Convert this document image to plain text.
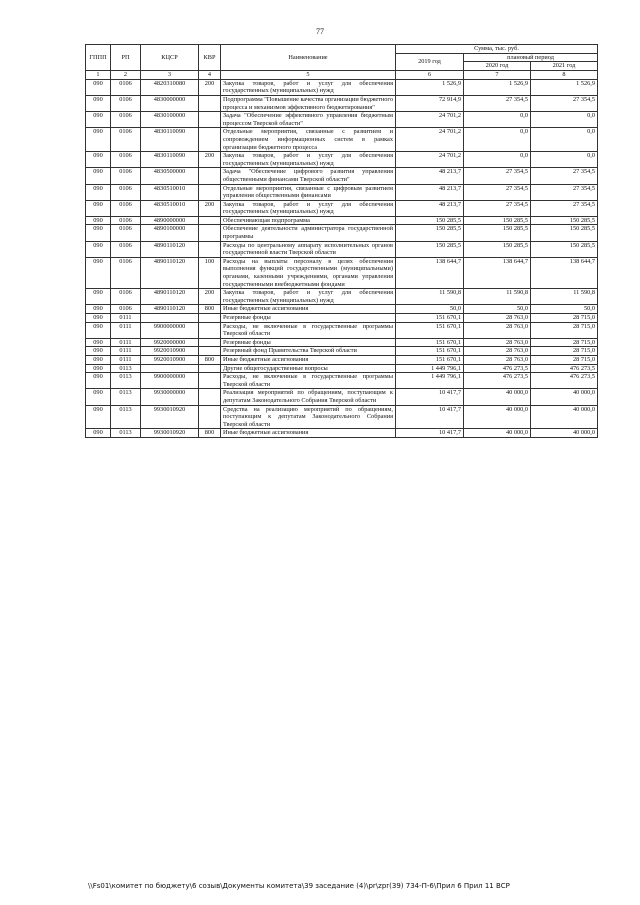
77
ГППП	РП	КЦСР	КВР	Наименование	Сумма, тыс. руб.		
					2019 год	плановый период	
						2020 год	2021 год
1	2	3	4	5	6	7	8
090	0106	4820310080	200	Закупка товаров, работ и услуг для обеспечения государственных (муниципальных) нужд	1 526,9	1 526,9	1 526,9
090	0106	4830000000		Подпрограмма "Повышение качества организации бюджетного процесса и механизмов эффективного бюджетирования"	72 914,9	27 354,5	27 354,5
090	0106	4830100000		Задача "Обеспечение эффективного управления бюджетным процессом Тверской области"	24 701,2	0,0	0,0
090	0106	4830110090		Отдельные мероприятия, связанные с развитием и сопровождением информационных систем в рамках организации бюджетного процесса	24 701,2	0,0	0,0
090	0106	4830110090	200	Закупка товаров, работ и услуг для обеспечения государственных (муниципальных) нужд	24 701,2	0,0	0,0
090	0106	4830500000		Задача "Обеспечение цифрового развития управления общественными финансами Тверской области"	48 213,7	27 354,5	27 354,5
090	0106	4830510010		Отдельные мероприятия, связанные с цифровым развитием управления общественными финансами	48 213,7	27 354,5	27 354,5
090	0106	4830510010	200	Закупка товаров, работ и услуг для обеспечения государственных (муниципальных) нужд	48 213,7	27 354,5	27 354,5
090	0106	4890000000		Обеспечивающая подпрограмма	150 285,5	150 285,5	150 285,5
090	0106	4890100000		Обеспечение деятельности администратора государственной программы	150 285,5	150 285,5	150 285,5
090	0106	4890110120		Расходы по центральному аппарату исполнительных органов государственной власти Тверской области	150 285,5	150 285,5	150 285,5
090	0106	4890110120	100	Расходы на выплаты персоналу в целях обеспечения выполнения функций государственными (муниципальными) органами, казенными учреждениями, органами управления государственными внебюджетными фондами	138 644,7	138 644,7	138 644,7
090	0106	4890110120	200	Закупка товаров, работ и услуг для обеспечения государственных (муниципальных) нужд	11 590,8	11 590,8	11 590,8
090	0106	4890110120	800	Иные бюджетные ассигнования	50,0	50,0	50,0
090	0111			Резервные фонды	151 670,1	28 763,0	28 715,0
090	0111	9900000000		Расходы, не включенные в государственные программы Тверской области	151 670,1	28 763,0	28 715,0
090	0111	9920000000		Резервные фонды	151 670,1	28 763,0	28 715,0
090	0111	9920010900		Резервный фонд Правительства Тверской области	151 670,1	28 763,0	28 715,0
090	0111	9920010900	800	Иные бюджетные ассигнования	151 670,1	28 763,0	28 715,0
090	0113			Другие общегосударственные вопросы	1 449 796,1	476 273,5	476 273,5
090	0113	9900000000		Расходы, не включенные в государственные программы Тверской области	1 449 796,1	476 273,5	476 273,5
090	0113	9930000000		Реализация мероприятий по обращениям, поступающим к депутатам Законодательного Собрания Тверской области	10 417,7	40 000,0	40 000,0
090	0113	9930010920		Средства на реализацию мероприятий по обращениям, поступающим к депутатам Законодательного Собрания Тверской области	10 417,7	40 000,0	40 000,0
090	0113	9930010920	800	Иные бюджетные ассигнования	10 417,7	40 000,0	40 000,0
\\Fs01\комитет по бюджету\6 созыв\Документы комитета\39 заседание (4)\pr\zpr(39) 734-П-6\Прил 6 Прил 11 ВСР
